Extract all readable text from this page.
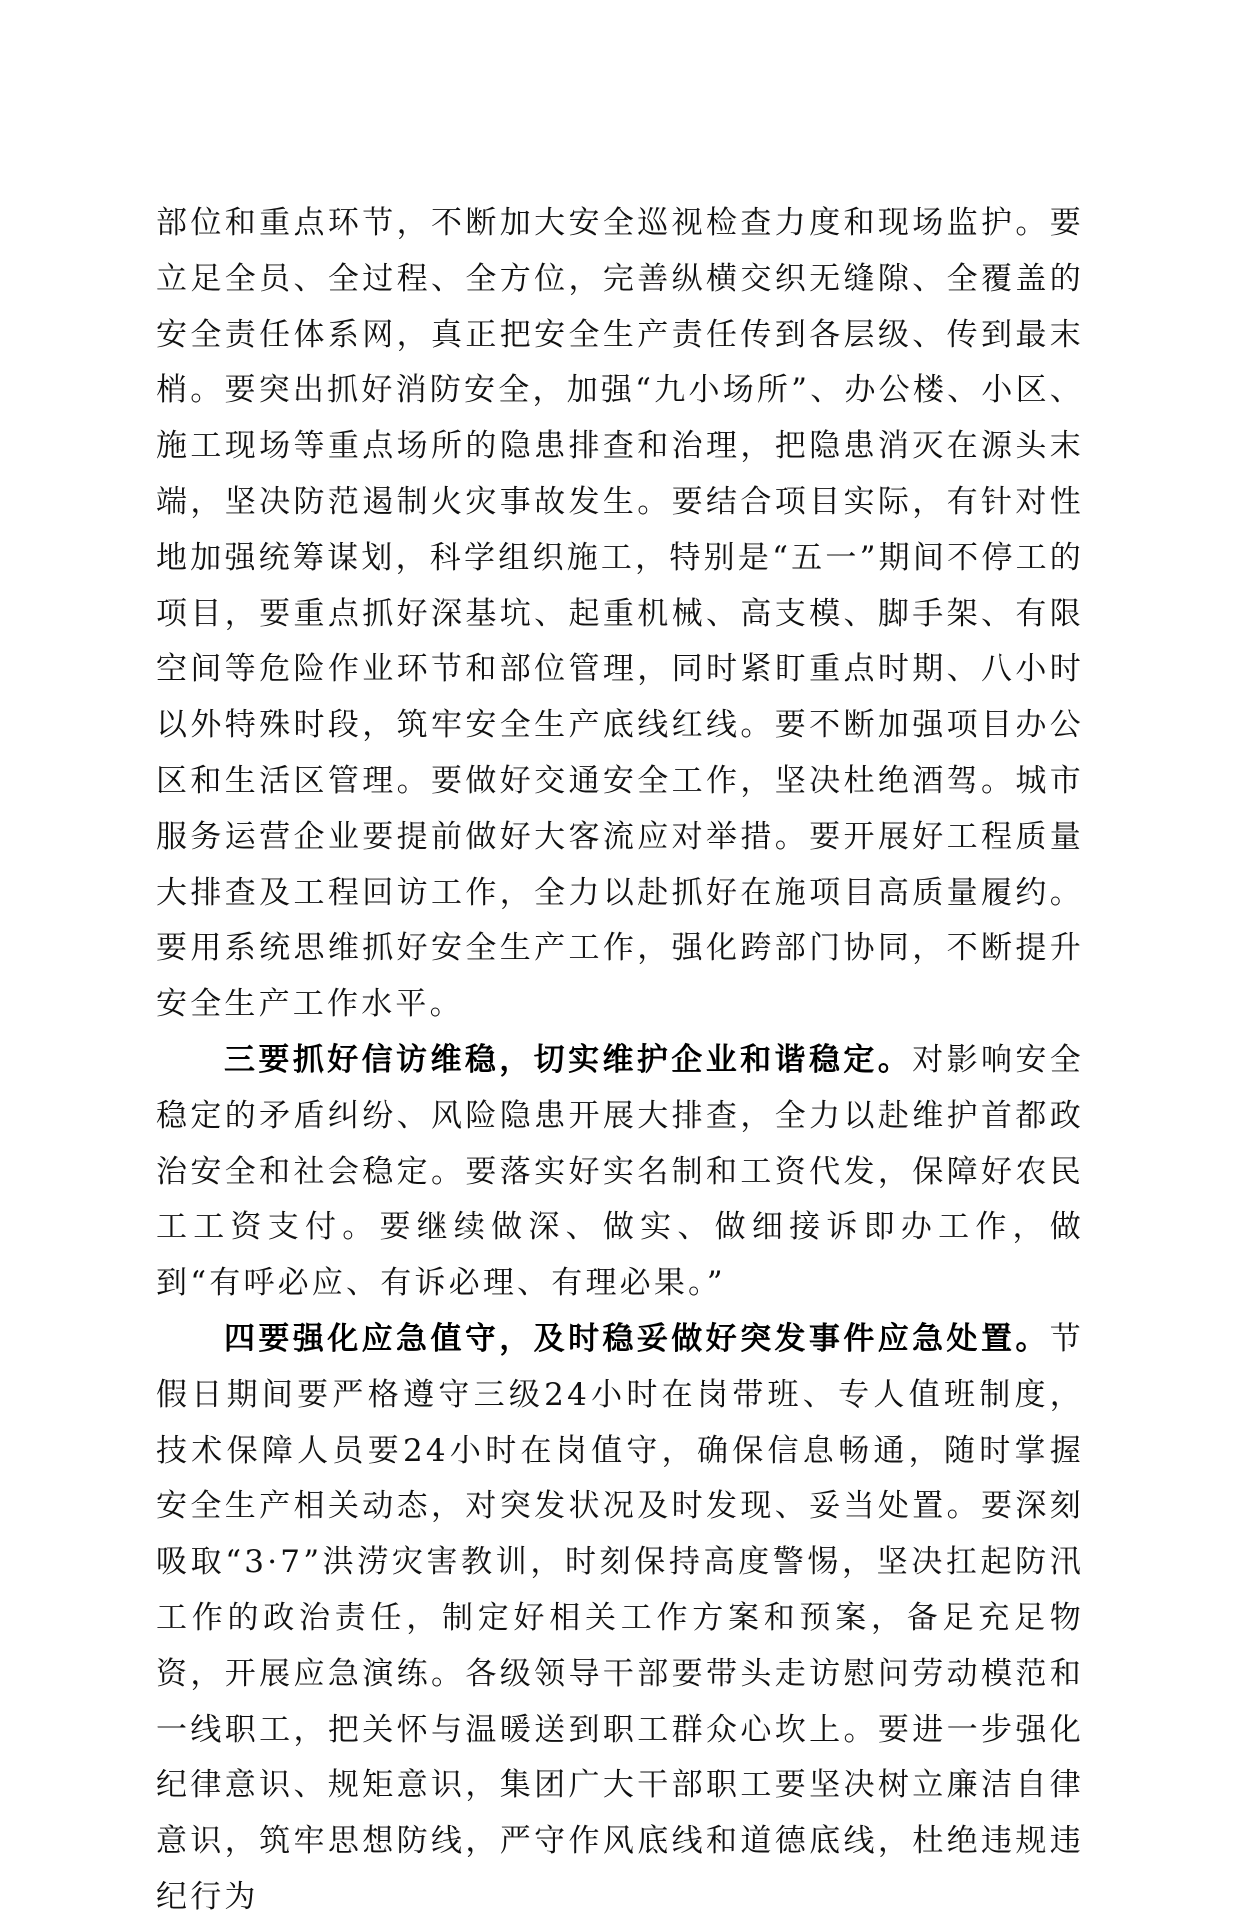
部位和重点环节，不断加大安全巡视检查力度和现场监护。要立足全员、全过程、全方位，完善纵横交织无缝隙、全覆盖的安全责任体系网，真正把安全生产责任传到各层级、传到最末梢。要突出抓好消防安全，加强“九小场所”、办公楼、小区、施工现场等重点场所的隐患排查和治理，把隐患消灭在源头末端，坚决防范遏制火灾事故发生。要结合项目实际，有针对性地加强统筹谋划，科学组织施工，特别是“五一”期间不停工的项目，要重点抓好深基坑、起重机械、高支模、脚手架、有限空间等危险作业环节和部位管理，同时紧盯重点时期、八小时以外特殊时段，筑牢安全生产底线红线。要不断加强项目办公区和生活区管理。要做好交通安全工作，坚决杜绝酒驾。城市服务运营企业要提前做好大客流应对举措。要开展好工程质量大排查及工程回访工作，全力以赴抓好在施项目高质量履约。要用系统思维抓好安全生产工作，强化跨部门协同，不断提升安全生产工作水平。

三要抓好信访维稳，切实维护企业和谐稳定。对影响安全稳定的矛盾纠纷、风险隐患开展大排查，全力以赴维护首都政治安全和社会稳定。要落实好实名制和工资代发，保障好农民工工资支付。要继续做深、做实、做细接诉即办工作，做到“有呼必应、有诉必理、有理必果。”

四要强化应急值守，及时稳妥做好突发事件应急处置。节假日期间要严格遵守三级24小时在岗带班、专人值班制度，技术保障人员要24小时在岗值守，确保信息畅通，随时掌握安全生产相关动态，对突发状况及时发现、妥当处置。要深刻吸取“3·7”洪涝灾害教训，时刻保持高度警惕，坚决扛起防汛工作的政治责任，制定好相关工作方案和预案，备足充足物资，开展应急演练。各级领导干部要带头走访慰问劳动模范和一线职工，把关怀与温暖送到职工群众心坎上。要进一步强化纪律意识、规矩意识，集团广大干部职工要坚决树立廉洁自律意识，筑牢思想防线，严守作风底线和道德底线，杜绝违规违纪行为
